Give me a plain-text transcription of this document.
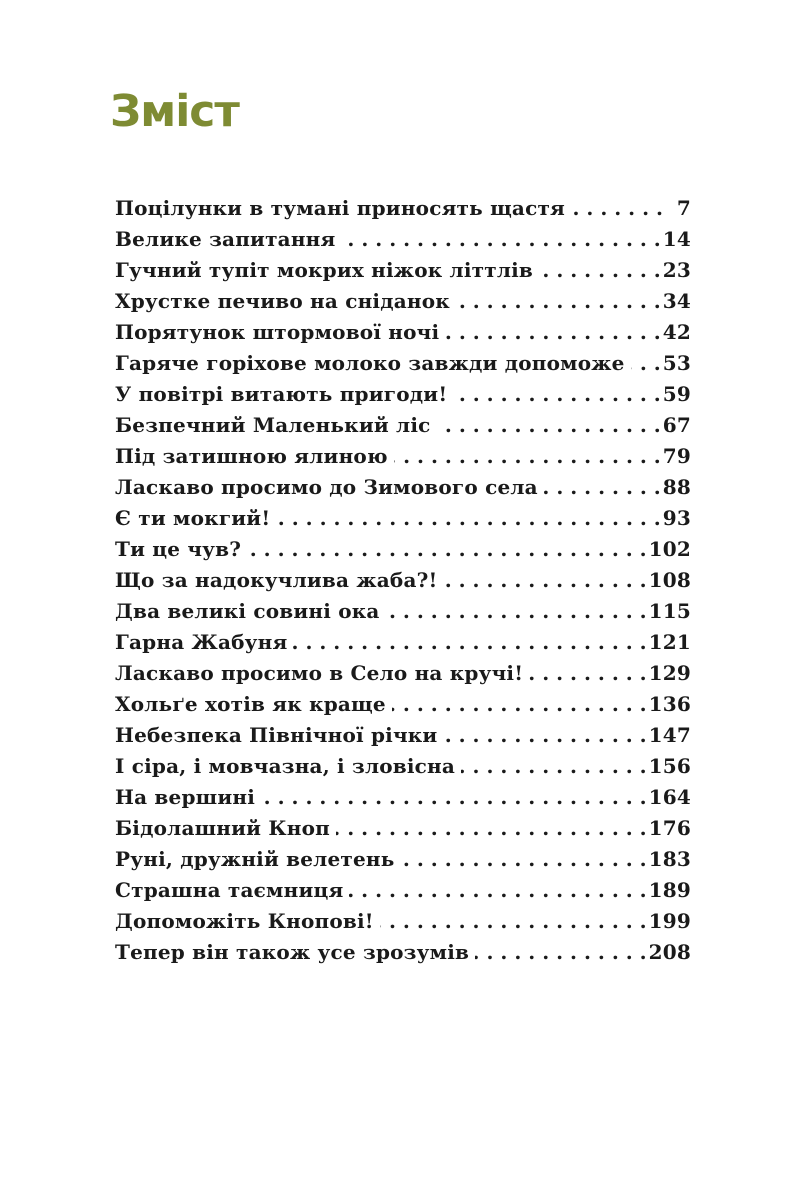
Зміст
Поцілунки в тумані приносять щастя . . .	7
Велике запитання . . .	14
Гучний тупіт мокрих ніжок літтлів . . .	23
Хрустке печиво на сніданок . . .	34
Порятунок штормової ночі . . .	42
Гаряче горіхове молоко завжди допоможе . . .	53
У повітрі витають пригоди! . . .	59
Безпечний Маленький ліс . . .	67
Під затишною ялиною . . .	79
Ласкаво просимо до Зимового села . . .	88
Є ти мокгий! . . .	93
Ти це чув? . . .	102
Що за надокучлива жаба?! . . .	108
Два великі совині ока . . .	115
Гарна Жабуня . . .	121
Ласкаво просимо в Село на кручі! . . .	129
Хольґе хотів як краще . . .	136
Небезпека Північної річки . . .	147
І сіра, і мовчазна, і зловісна . . .	156
На вершині . . .	164
Бідолашний Кноп . . .	176
Руні, дружній велетень . . .	183
Страшна таємниця . . .	189
Допоможіть Кнопові! . . .	199
Тепер він також усе зрозумів . . .	208
